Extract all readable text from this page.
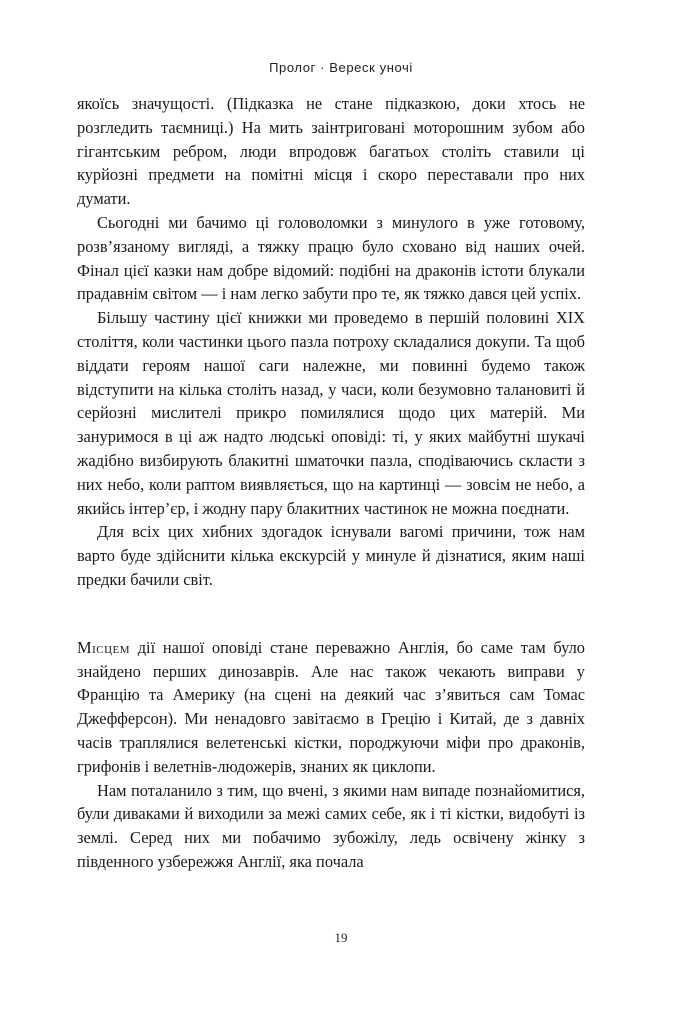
Пролог · Вереск уночі

якоїсь значущості. (Підказка не стане підказкою, доки хтось не розгледить таємниці.) На мить заінтриговані моторошним зубом або гігантським ребром, люди впродовж багатьох століть ставили ці курйозні предмети на помітні місця і скоро переставали про них думати.

Сьогодні ми бачимо ці головоломки з минулого в уже готовому, розв’язаному вигляді, а тяжку працю було сховано від наших очей. Фінал цієї казки нам добре відомий: подібні на драконів істоти блукали прадавнім світом — і нам легко забути про те, як тяжко дався цей успіх.

Більшу частину цієї книжки ми проведемо в першій половині XIX століття, коли частинки цього пазла потроху складалися докупи. Та щоб віддати героям нашої саги належне, ми повинні будемо також відступити на кілька століть назад, у часи, коли безумовно талановиті й серйозні мислителі прикро помилялися щодо цих матерій. Ми зануримося в ці аж надто людські оповіді: ті, у яких майбутні шукачі жадібно визбирують блакитні шматочки пазла, сподіваючись скласти з них небо, коли раптом виявляється, що на картинці — зовсім не небо, а якийсь інтер’єр, і жодну пару блакитних частинок не можна поєднати.

Для всіх цих хибних здогадок існували вагомі причини, тож нам варто буде здійснити кілька екскурсій у минуле й дізнатися, яким наші предки бачили світ.

Місцем дії нашої оповіді стане переважно Англія, бо саме там було знайдено перших динозаврів. Але нас також чекають виправи у Францію та Америку (на сцені на деякий час з’явиться сам Томас Джефферсон). Ми ненадовго завітаємо в Грецію і Китай, де з давніх часів траплялися велетенські кістки, породжуючи міфи про драконів, грифонів і велетнів-людожерів, знаних як циклопи.

Нам поталанило з тим, що вчені, з якими нам випаде познайомитися, були диваками й виходили за межі самих себе, як і ті кістки, видобуті із землі. Серед них ми побачимо зубожілу, ледь освічену жінку з південного узбережжя Англії, яка почала

19
